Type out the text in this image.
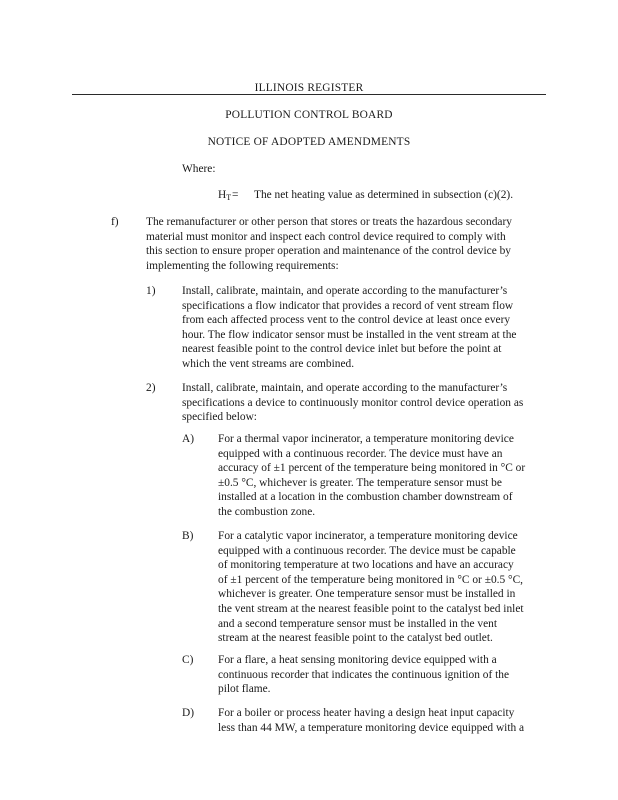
ILLINOIS REGISTER
POLLUTION CONTROL BOARD
NOTICE OF ADOPTED AMENDMENTS
Where:
$H_T$ = The net heating value as determined in subsection (c)(2).
f) The remanufacturer or other person that stores or treats the hazardous secondary
material must monitor and inspect each control device required to comply with
this section to ensure proper operation and maintenance of the control device by
implementing the following requirements:
1) Install, calibrate, maintain, and operate according to the manufacturer’s
specifications a flow indicator that provides a record of vent stream flow
from each affected process vent to the control device at least once every
hour. The flow indicator sensor must be installed in the vent stream at the
nearest feasible point to the control device inlet but before the point at
which the vent streams are combined.
2) Install, calibrate, maintain, and operate according to the manufacturer’s
specifications a device to continuously monitor control device operation as
specified below:
A) For a thermal vapor incinerator, a temperature monitoring device
equipped with a continuous recorder. The device must have an
accuracy of ±1 percent of the temperature being monitored in °C or
±0.5 °C, whichever is greater. The temperature sensor must be
installed at a location in the combustion chamber downstream of
the combustion zone.
B) For a catalytic vapor incinerator, a temperature monitoring device
equipped with a continuous recorder. The device must be capable
of monitoring temperature at two locations and have an accuracy
of ±1 percent of the temperature being monitored in °C or ±0.5 °C,
whichever is greater. One temperature sensor must be installed in
the vent stream at the nearest feasible point to the catalyst bed inlet
and a second temperature sensor must be installed in the vent
stream at the nearest feasible point to the catalyst bed outlet.
C) For a flare, a heat sensing monitoring device equipped with a
continuous recorder that indicates the continuous ignition of the
pilot flame.
D) For a boiler or process heater having a design heat input capacity
less than 44 MW, a temperature monitoring device equipped with a
